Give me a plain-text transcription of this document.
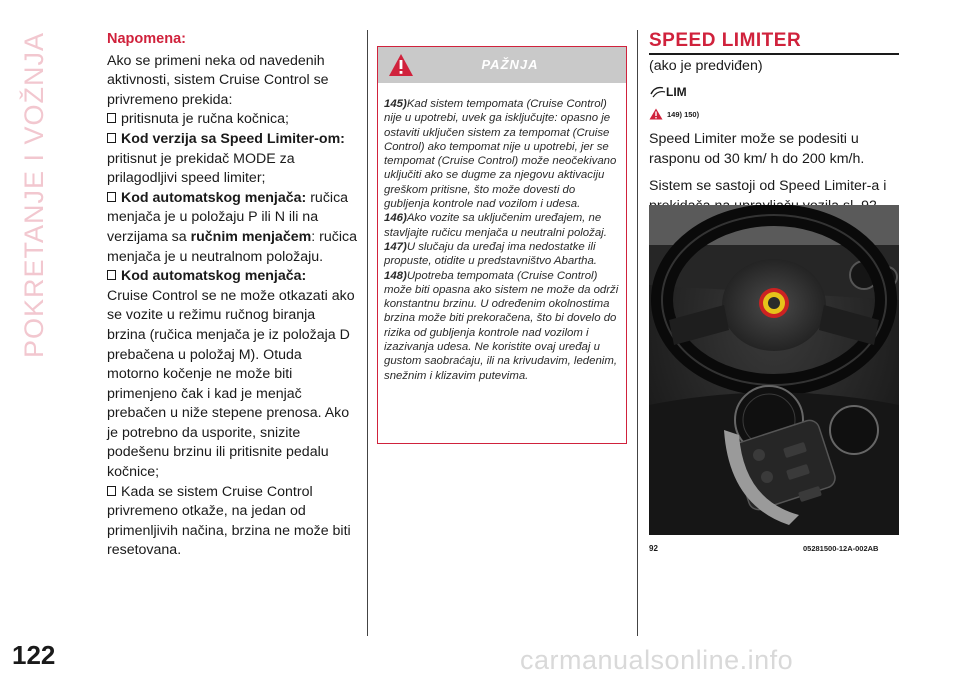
POKRETANJE I VOŽNJA	Napomena:

Ako se primeni neka od navedenih aktivnosti, sistem Cruise Control se privremeno prekida:

pritisnuta je ručna kočnica;

Kod verzija sa Speed Limiter-om:

pritisnut je prekidač MODE za prilagodljivi speed limiter;

Kod automatskog menjača: ručica menjača je u položaju P ili N ili na verzijama sa ručnim menjačem: ručica menjača je u neutralnom položaju.

Kod automatskog menjača:

Cruise Control se ne može otkazati ako se vozite u režimu ručnog biranja brzina (ručica menjača je iz položaja D prebačena u položaj M). Otuda motorno kočenje ne može biti primenjeno čak i kad je menjač prebačen u niže stepene prenosa. Ako je potrebno da usporite, snizite podešenu brzinu ili pritisnite pedalu kočnice;

Kada se sistem Cruise Control privremeno otkaže, na jedan od primenljivih načina, brzina ne može biti resetovana.

PAŽNJA

145)Kad sistem tempomata (Cruise Control) nije u upotrebi, uvek ga isključujte: opasno je ostaviti uključen sistem za tempomat (Cruise Control) ako tempomat nije u upotrebi, jer se tempomat (Cruise Control) može neočekivano uključiti ako se dugme za njegovu aktivaciju greškom pritisne, što može dovesti do gubljenja kontrole nad vozilom i udesa.

146)Ako vozite sa uključenim uređajem, ne stavljajte ručicu menjača u neutralni položaj.

147)U slučaju da uređaj ima nedostatke ili propuste, otidite u predstavništvo Abartha.

148)Upotreba tempomata (Cruise Control) može biti opasna ako sistem ne može da održi konstantnu brzinu. U određenim okolnostima brzina može biti prekoračena, što bi dovelo do rizika od gubljenja kontrole nad vozilom i izazivanja udesa. Ne koristite ovaj uređaj u gustom saobraćaju, ili na krivudavim, ledenim, snežnim i klizavim putevima.

SPEED LIMITER
(ako je predviđen)
LIM
149) 150)

Speed Limiter može se podesiti u rasponu od 30 km/ h do 200 km/h.

Sistem se sastoji od Speed Limiter-a i

92	05281500-12A-002AB
122	carmanualsonline.info
